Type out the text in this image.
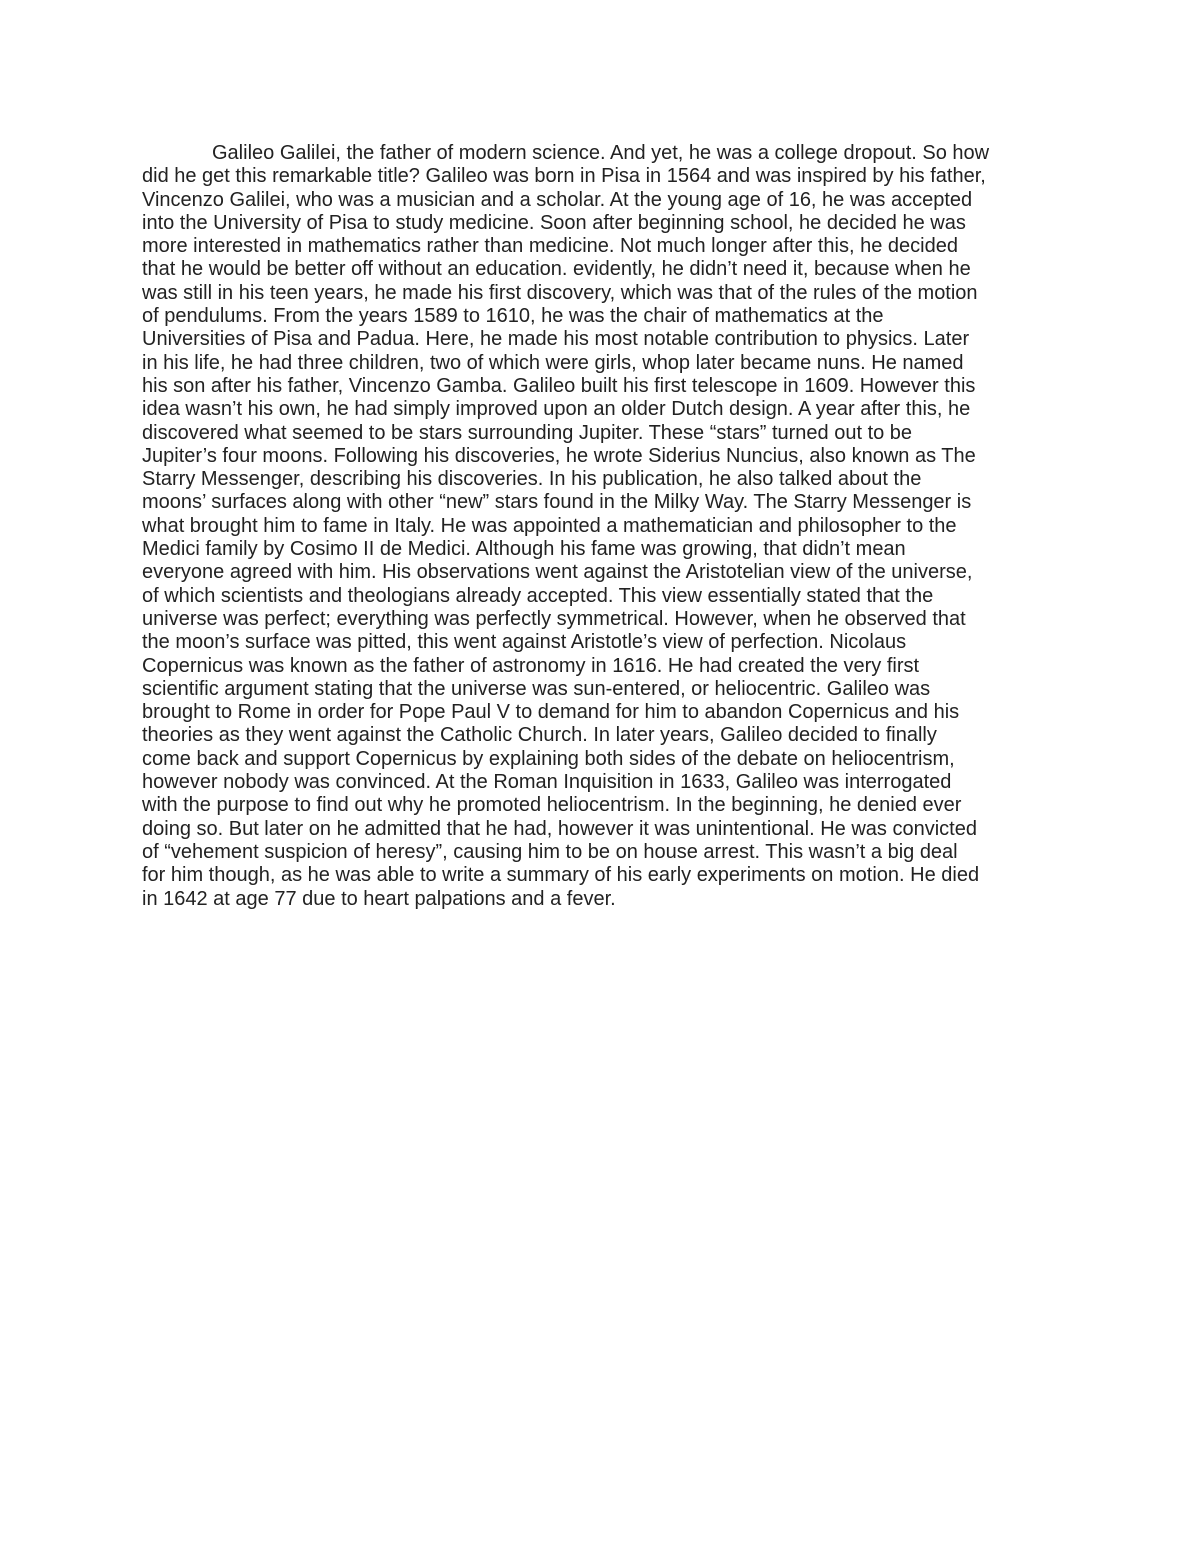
Galileo Galilei, the father of modern science. And yet, he was a college dropout. So how
did he get this remarkable title? Galileo was born in Pisa in 1564 and was inspired by his father,
Vincenzo Galilei, who was a musician and a scholar. At the young age of 16, he was accepted
into the University of Pisa to study medicine. Soon after beginning school, he decided he was
more interested in mathematics rather than medicine. Not much longer after this, he decided
that he would be better off without an education. evidently, he didn’t need it, because when he
was still in his teen years, he made his first discovery, which was that of the rules of the motion
of pendulums. From the years 1589 to 1610, he was the chair of mathematics at the
Universities of Pisa and Padua. Here, he made his most notable contribution to physics. Later
in his life, he had three children, two of which were girls, whop later became nuns. He named
his son after his father, Vincenzo Gamba. Galileo built his first telescope in 1609. However this
idea wasn’t his own, he had simply improved upon an older Dutch design. A year after this, he
discovered what seemed to be stars surrounding Jupiter. These “stars” turned out to be
Jupiter’s four moons. Following his discoveries, he wrote Siderius Nuncius, also known as The
Starry Messenger, describing his discoveries. In his publication, he also talked about the
moons’ surfaces along with other “new” stars found in the Milky Way. The Starry Messenger is
what brought him to fame in Italy. He was appointed a mathematician and philosopher to the
Medici family by Cosimo II de Medici. Although his fame was growing, that didn’t mean
everyone agreed with him. His observations went against the Aristotelian view of the universe,
of which scientists and theologians already accepted. This view essentially stated that the
universe was perfect; everything was perfectly symmetrical. However, when he observed that
the moon’s surface was pitted, this went against Aristotle’s view of perfection. Nicolaus
Copernicus was known as the father of astronomy in 1616. He had created the very first
scientific argument stating that the universe was sun-entered, or heliocentric. Galileo was
brought to Rome in order for Pope Paul V to demand for him to abandon Copernicus and his
theories as they went against the Catholic Church. In later years, Galileo decided to finally
come back and support Copernicus by explaining both sides of the debate on heliocentrism,
however nobody was convinced. At the Roman Inquisition in 1633, Galileo was interrogated
with the purpose to find out why he promoted heliocentrism. In the beginning, he denied ever
doing so. But later on he admitted that he had, however it was unintentional. He was convicted
of “vehement suspicion of heresy”, causing him to be on house arrest. This wasn’t a big deal
for him though, as he was able to write a summary of his early experiments on motion. He died
in 1642 at age 77 due to heart palpations and a fever.
